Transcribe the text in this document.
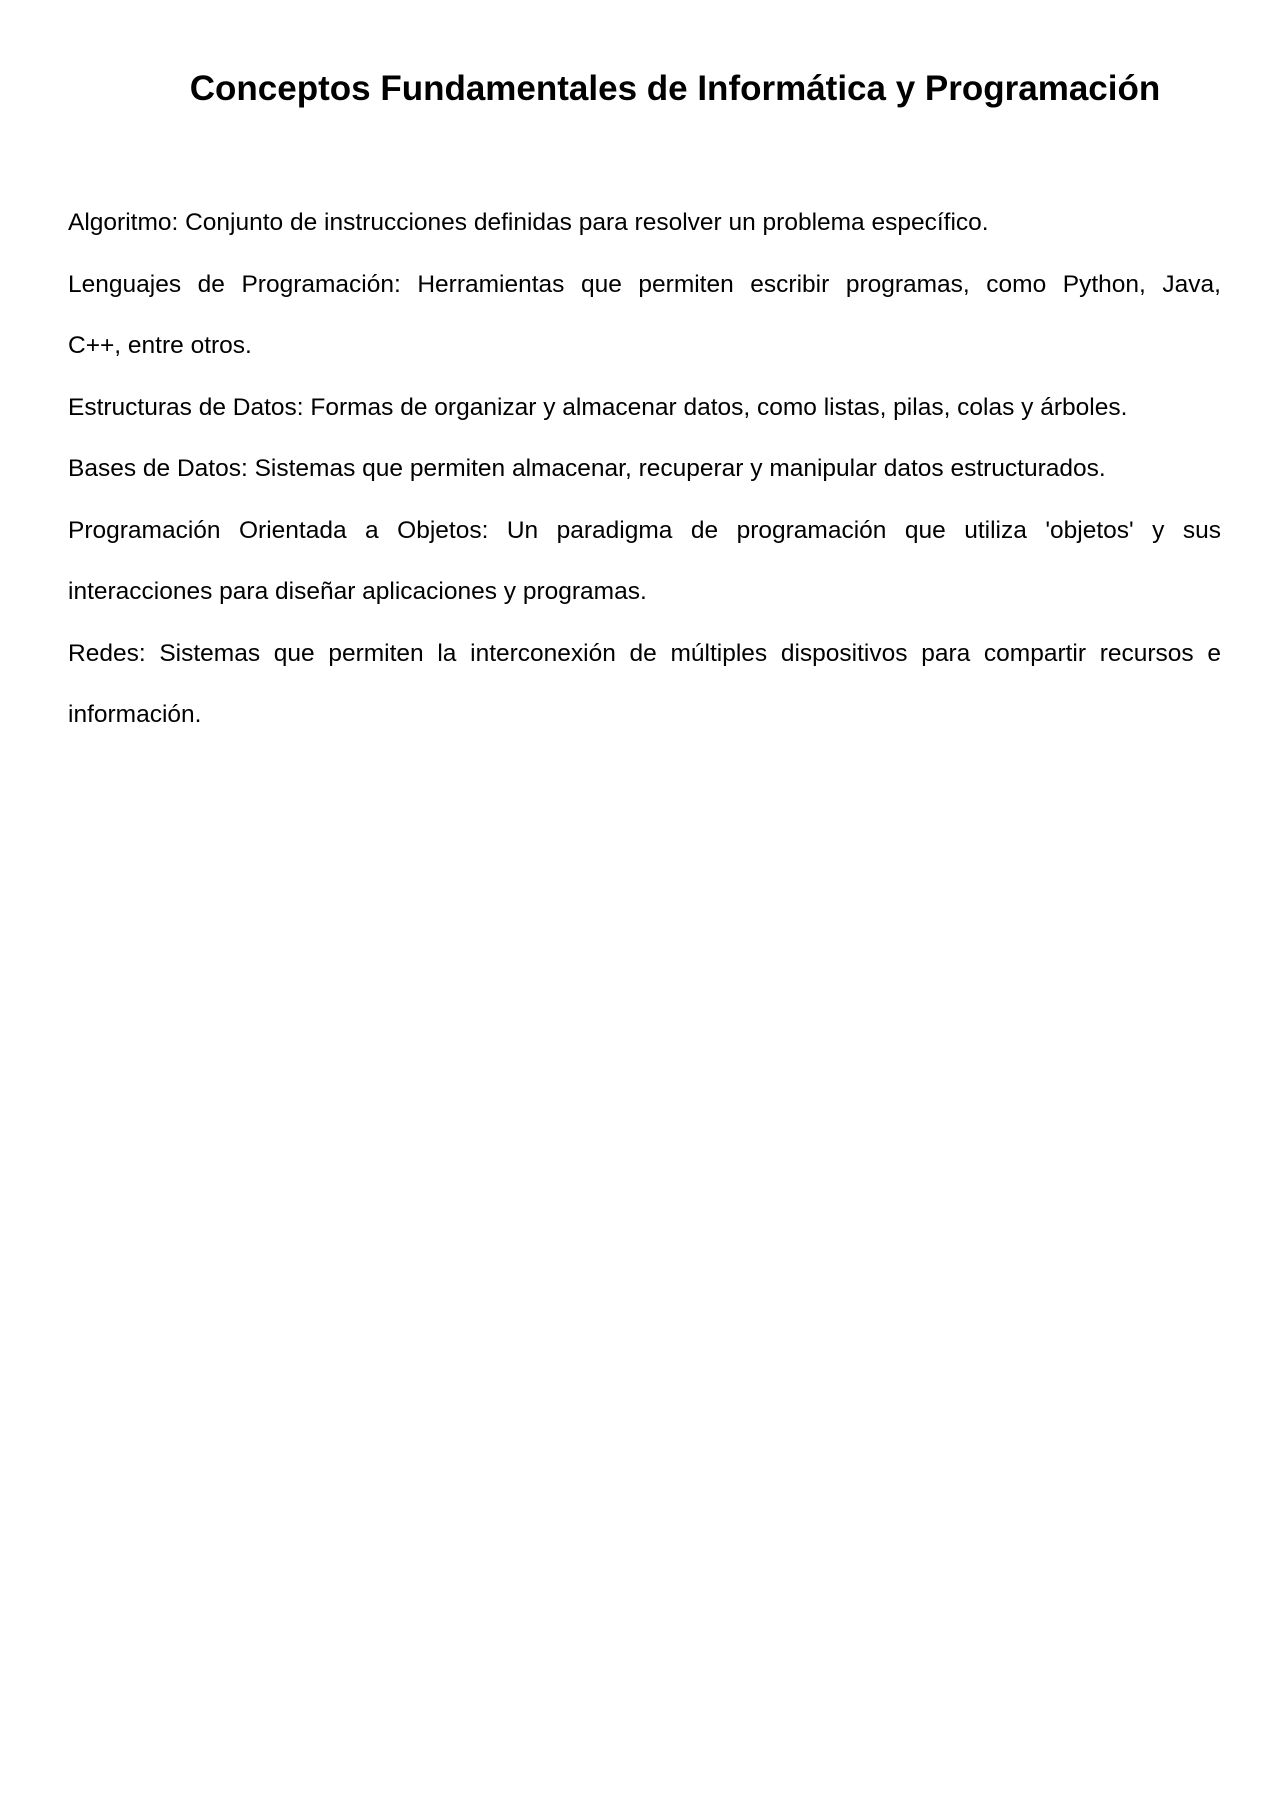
Conceptos Fundamentales de Informática y Programación

Algoritmo: Conjunto de instrucciones definidas para resolver un problema específico.

Lenguajes de Programación: Herramientas que permiten escribir programas, como Python, Java,
C++, entre otros.

Estructuras de Datos: Formas de organizar y almacenar datos, como listas, pilas, colas y árboles.

Bases de Datos: Sistemas que permiten almacenar, recuperar y manipular datos estructurados.

Programación Orientada a Objetos: Un paradigma de programación que utiliza 'objetos' y sus
interacciones para diseñar aplicaciones y programas.

Redes: Sistemas que permiten la interconexión de múltiples dispositivos para compartir recursos e
información.
